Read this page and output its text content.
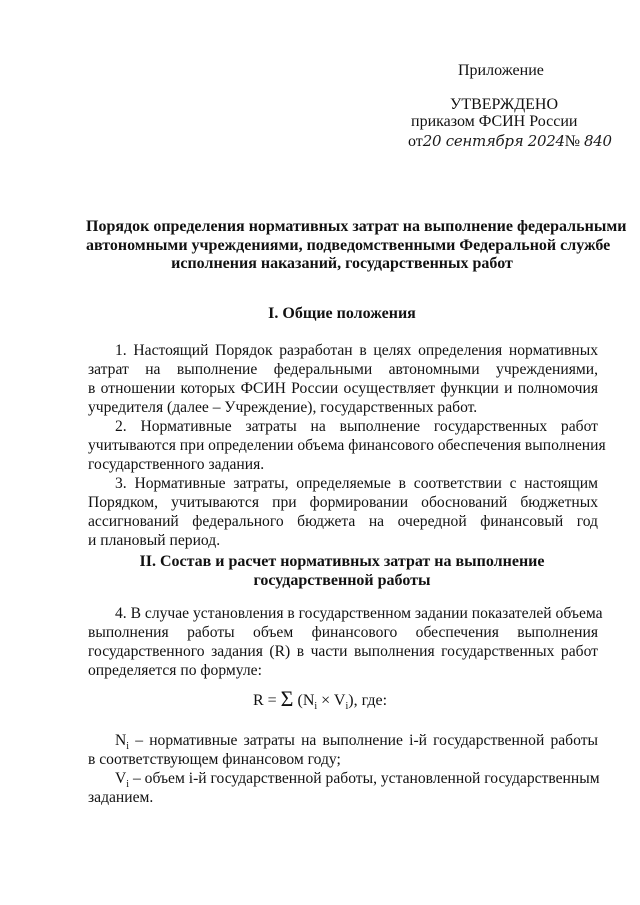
Приложение
УТВЕРЖДЕНО
приказом ФСИН России
от20 сентября 2024№ 840
Порядок определения нормативных затрат на выполнение федеральными
автономными учреждениями, подведомственными Федеральной службе
исполнения наказаний, государственных работ
I. Общие положения
1. Настоящий Порядок разработан в целях определения нормативных
затрат на выполнение федеральными автономными учреждениями,
в отношении которых ФСИН России осуществляет функции и полномочия
учредителя (далее – Учреждение), государственных работ.
2. Нормативные затраты на выполнение государственных работ
учитываются при определении объема финансового обеспечения выполнения
государственного задания.
3. Нормативные затраты, определяемые в соответствии с настоящим
Порядком, учитываются при формировании обоснований бюджетных
ассигнований федерального бюджета на очередной финансовый год
и плановый период.
II. Состав и расчет нормативных затрат на выполнение
государственной работы
4. В случае установления в государственном задании показателей объема
выполнения работы объем финансового обеспечения выполнения
государственного задания (R) в части выполнения государственных работ
определяется по формуле:
R = Σ $(N_i \times V_i)$, где:
$N_i$ – нормативные затраты на выполнение i-й государственной работы
в соответствующем финансовом году;
$V_i$ – объем i-й государственной работы, установленной государственным
заданием.
